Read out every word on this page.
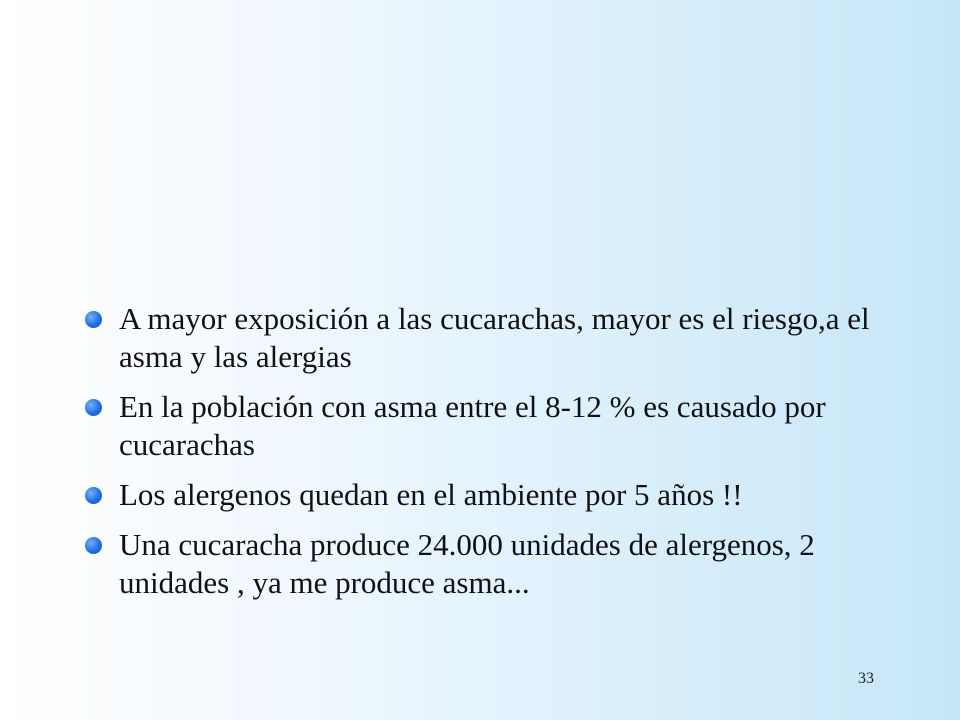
A mayor exposición a las cucarachas, mayor es el riesgo,a el asma y las alergias
En la población con asma entre el 8-12 % es causado por cucarachas
Los alergenos quedan en el ambiente por 5 años !!
Una cucaracha produce 24.000 unidades de alergenos, 2 unidades , ya me produce asma...
33
